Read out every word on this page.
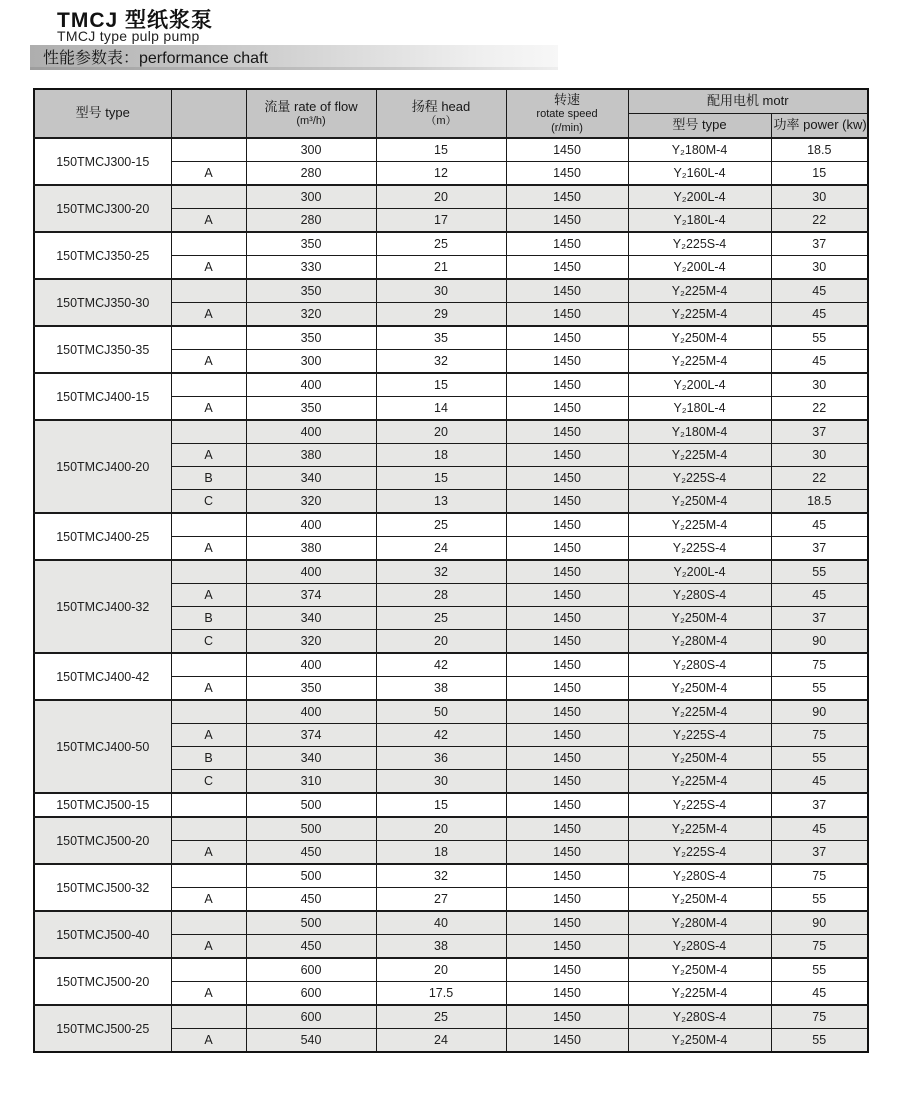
TMCJ 型纸浆泵
TMCJ type pulp pump
性能参数表：performance chaft
型号 type		流量 rate of flow
(m³/h)

扬程 head
（m）

转速
rotate speed
(r/min)

配用电机 motr

					型号 type	功率 power (kw)

150TMCJ300-15		300	15	1450	Y₂180M-4	18.5
	A	280	12	1450	Y₂160L-4	15
150TMCJ300-20		300	20	1450	Y₂200L-4	30
	A	280	17	1450	Y₂180L-4	22
150TMCJ350-25		350	25	1450	Y₂225S-4	37
	A	330	21	1450	Y₂200L-4	30
150TMCJ350-30		350	30	1450	Y₂225M-4	45
	A	320	29	1450	Y₂225M-4	45
150TMCJ350-35		350	35	1450	Y₂250M-4	55
	A	300	32	1450	Y₂225M-4	45
150TMCJ400-15		400	15	1450	Y₂200L-4	30
	A	350	14	1450	Y₂180L-4	22
150TMCJ400-20		400	20	1450	Y₂180M-4	37
	A	380	18	1450	Y₂225M-4	30
	B	340	15	1450	Y₂225S-4	22
	C	320	13	1450	Y₂250M-4	18.5
150TMCJ400-25		400	25	1450	Y₂225M-4	45
	A	380	24	1450	Y₂225S-4	37
150TMCJ400-32		400	32	1450	Y₂200L-4	55
	A	374	28	1450	Y₂280S-4	45
	B	340	25	1450	Y₂250M-4	37
	C	320	20	1450	Y₂280M-4	90
150TMCJ400-42		400	42	1450	Y₂280S-4	75
	A	350	38	1450	Y₂250M-4	55
150TMCJ400-50		400	50	1450	Y₂225M-4	90
	A	374	42	1450	Y₂225S-4	75
	B	340	36	1450	Y₂250M-4	55
	C	310	30	1450	Y₂225M-4	45
150TMCJ500-15		500	15	1450	Y₂225S-4	37
150TMCJ500-20		500	20	1450	Y₂225M-4	45
	A	450	18	1450	Y₂225S-4	37
150TMCJ500-32		500	32	1450	Y₂280S-4	75
	A	450	27	1450	Y₂250M-4	55
150TMCJ500-40		500	40	1450	Y₂280M-4	90
	A	450	38	1450	Y₂280S-4	75
150TMCJ500-20		600	20	1450	Y₂250M-4	55
	A	600	17.5	1450	Y₂225M-4	45
150TMCJ500-25		600	25	1450	Y₂280S-4	75
	A	540	24	1450	Y₂250M-4	55
